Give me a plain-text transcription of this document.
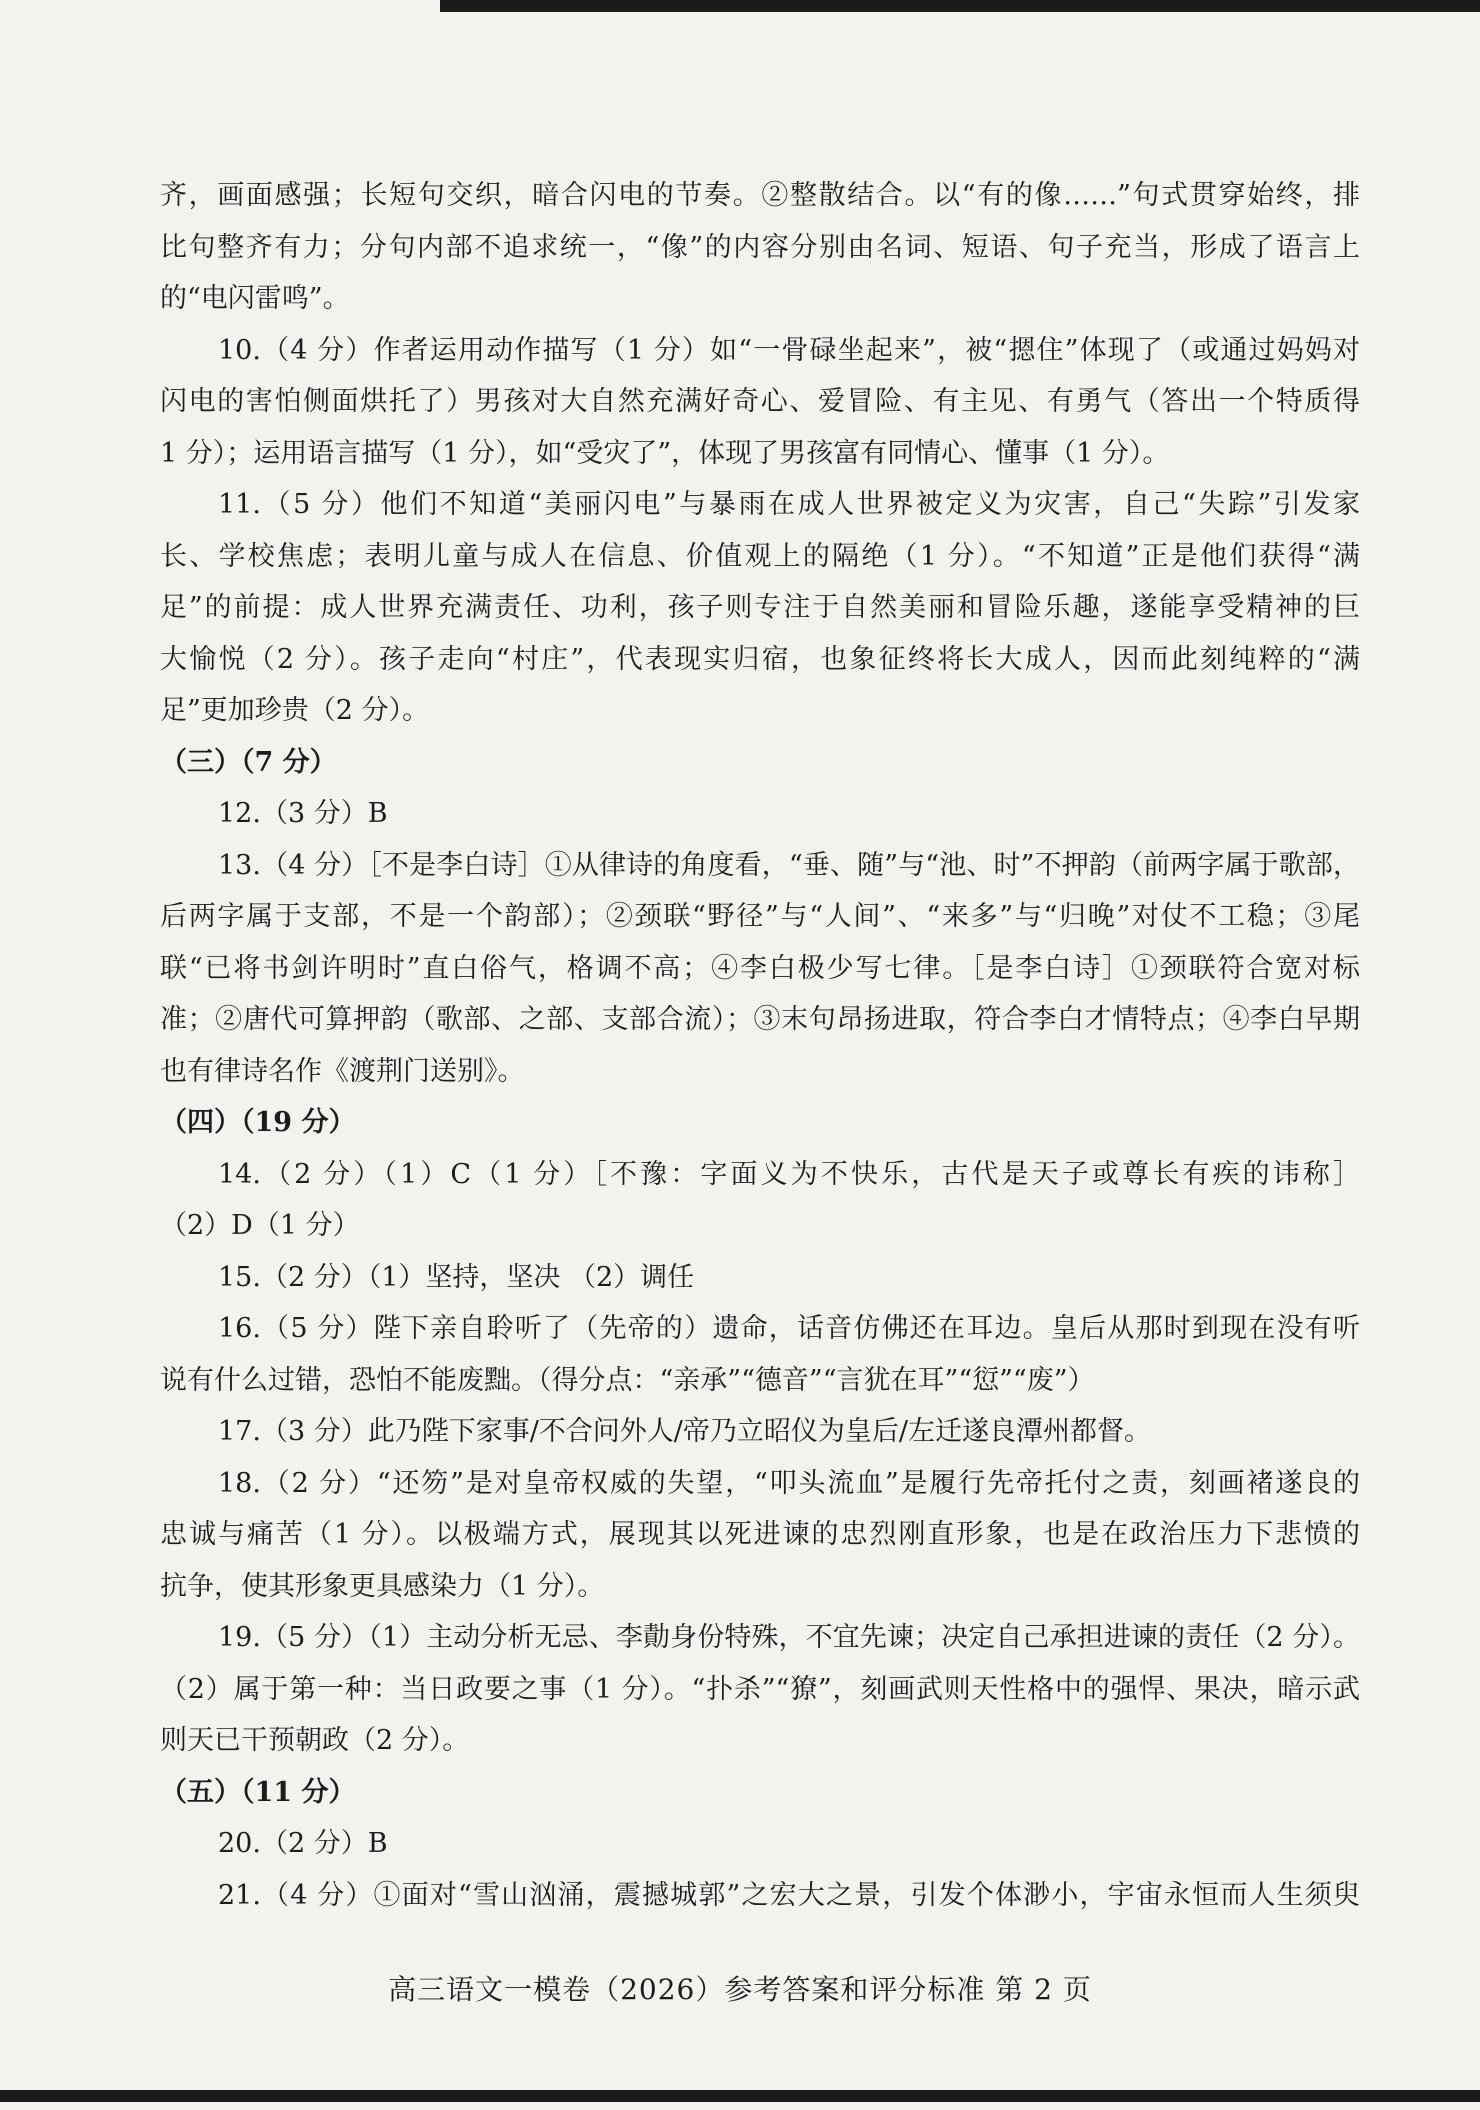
齐，画面感强；长短句交织，暗合闪电的节奏。②整散结合。以“有的像……”句式贯穿始终，排
比句整齐有力；分句内部不追求统一，“像”的内容分别由名词、短语、句子充当，形成了语言上
的“电闪雷鸣”。
10.（4 分）作者运用动作描写（1 分）如“一骨碌坐起来”，被“摁住”体现了（或通过妈妈对
闪电的害怕侧面烘托了）男孩对大自然充满好奇心、爱冒险、有主见、有勇气（答出一个特质得
1 分）；运用语言描写（1 分），如“受灾了”，体现了男孩富有同情心、懂事（1 分）。
11.（5 分）他们不知道“美丽闪电”与暴雨在成人世界被定义为灾害，自己“失踪”引发家
长、学校焦虑；表明儿童与成人在信息、价值观上的隔绝（1 分）。“不知道”正是他们获得“满
足”的前提：成人世界充满责任、功利，孩子则专注于自然美丽和冒险乐趣，遂能享受精神的巨
大愉悦（2 分）。孩子走向“村庄”，代表现实归宿，也象征终将长大成人，因而此刻纯粹的“满
足”更加珍贵（2 分）。
（三）（7 分）
12.（3 分）B
13.（4 分）［不是李白诗］①从律诗的角度看，“垂、随”与“池、时”不押韵（前两字属于歌部，
后两字属于支部，不是一个韵部）；②颈联“野径”与“人间”、“来多”与“归晚”对仗不工稳；③尾
联“已将书剑许明时”直白俗气，格调不高；④李白极少写七律。［是李白诗］①颈联符合宽对标
准；②唐代可算押韵（歌部、之部、支部合流）；③末句昂扬进取，符合李白才情特点；④李白早期
也有律诗名作《渡荆门送别》。
（四）（19 分）
14.（2 分）（1）C（1 分）［不豫：字面义为不快乐，古代是天子或尊长有疾的讳称］
（2）D（1 分）
15.（2 分）（1）坚持，坚决 （2）调任
16.（5 分）陛下亲自聆听了（先帝的）遗命，话音仿佛还在耳边。皇后从那时到现在没有听
说有什么过错，恐怕不能废黜。（得分点：“亲承”“德音”“言犹在耳”“愆”“废”）
17.（3 分）此乃陛下家事/不合问外人/帝乃立昭仪为皇后/左迁遂良潭州都督。
18.（2 分）“还笏”是对皇帝权威的失望，“叩头流血”是履行先帝托付之责，刻画褚遂良的
忠诚与痛苦（1 分）。以极端方式，展现其以死进谏的忠烈刚直形象，也是在政治压力下悲愤的
抗争，使其形象更具感染力（1 分）。
19.（5 分）（1）主动分析无忌、李勣身份特殊，不宜先谏；决定自己承担进谏的责任（2 分）。
（2）属于第一种：当日政要之事（1 分）。“扑杀”“獠”，刻画武则天性格中的强悍、果决，暗示武
则天已干预朝政（2 分）。
（五）（11 分）
20.（2 分）B
21.（4 分）①面对“雪山汹涌，震撼城郭”之宏大之景，引发个体渺小，宇宙永恒而人生须臾
高三语文一模卷（2026）参考答案和评分标准 第 2 页
